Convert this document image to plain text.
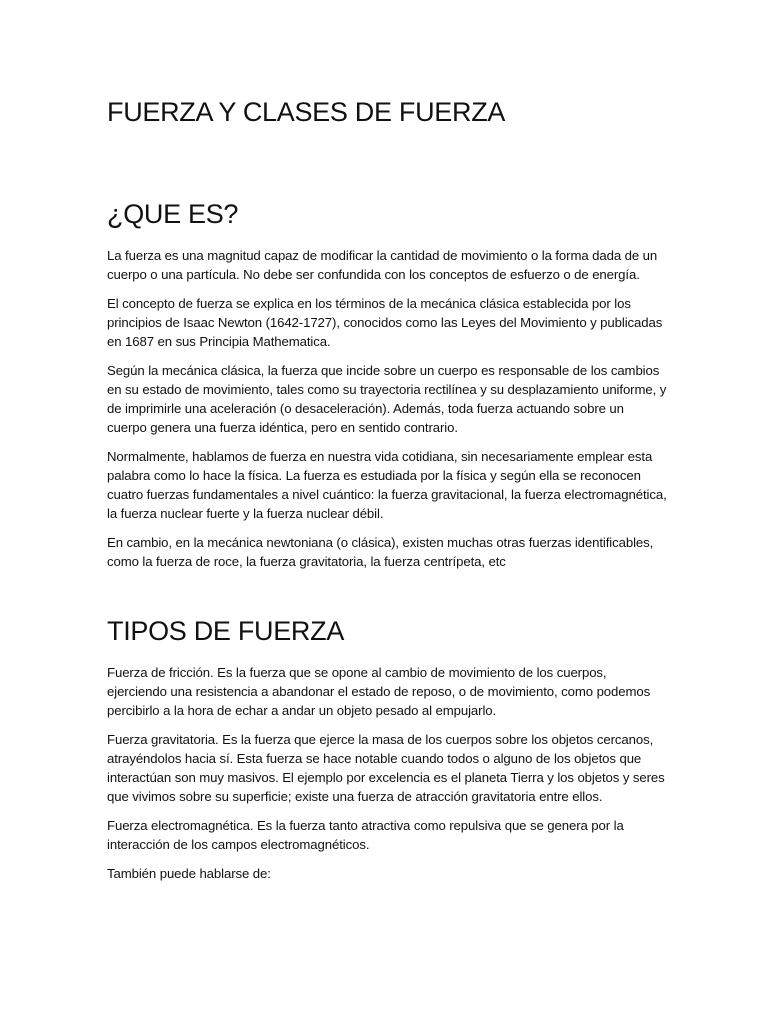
FUERZA Y CLASES DE FUERZA
¿QUE ES?

La fuerza es una magnitud capaz de modificar la cantidad de movimiento o la forma dada de un cuerpo o una partícula. No debe ser confundida con los conceptos de esfuerzo o de energía.

El concepto de fuerza se explica en los términos de la mecánica clásica establecida por los principios de Isaac Newton (1642-1727), conocidos como las Leyes del Movimiento y publicadas en 1687 en sus Principia Mathematica.

Según la mecánica clásica, la fuerza que incide sobre un cuerpo es responsable de los cambios en su estado de movimiento, tales como su trayectoria rectilínea y su desplazamiento uniforme, y de imprimirle una aceleración (o desaceleración). Además, toda fuerza actuando sobre un cuerpo genera una fuerza idéntica, pero en sentido contrario.

Normalmente, hablamos de fuerza en nuestra vida cotidiana, sin necesariamente emplear esta palabra como lo hace la física. La fuerza es estudiada por la física y según ella se reconocen cuatro fuerzas fundamentales a nivel cuántico: la fuerza gravitacional, la fuerza electromagnética, la fuerza nuclear fuerte y la fuerza nuclear débil.

En cambio, en la mecánica newtoniana (o clásica), existen muchas otras fuerzas identificables, como la fuerza de roce, la fuerza gravitatoria, la fuerza centrípeta, etc

TIPOS DE FUERZA

Fuerza de fricción. Es la fuerza que se opone al cambio de movimiento de los cuerpos, ejerciendo una resistencia a abandonar el estado de reposo, o de movimiento, como podemos percibirlo a la hora de echar a andar un objeto pesado al empujarlo.

Fuerza gravitatoria. Es la fuerza que ejerce la masa de los cuerpos sobre los objetos cercanos, atrayéndolos hacia sí. Esta fuerza se hace notable cuando todos o alguno de los objetos que interactúan son muy masivos. El ejemplo por excelencia es el planeta Tierra y los objetos y seres que vivimos sobre su superficie; existe una fuerza de atracción gravitatoria entre ellos.

Fuerza electromagnética. Es la fuerza tanto atractiva como repulsiva que se genera por la interacción de los campos electromagnéticos.

También puede hablarse de:
